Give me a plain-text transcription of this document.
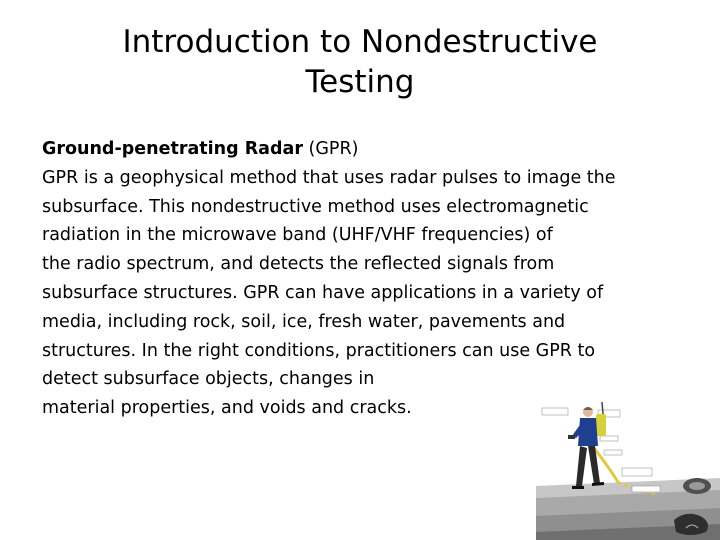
Introduction to Nondestructive
Testing

Ground-penetrating Radar (GPR)

GPR is a geophysical method that uses radar pulses to image the

subsurface. This nondestructive method uses electromagnetic

radiation in the microwave band (UHF/VHF frequencies) of

the radio spectrum, and detects the reflected signals from

subsurface structures. GPR can have applications in a variety of

media, including rock, soil, ice, fresh water, pavements and

structures. In the right conditions, practitioners can use GPR to

detect subsurface objects, changes in

material properties, and voids and cracks.
